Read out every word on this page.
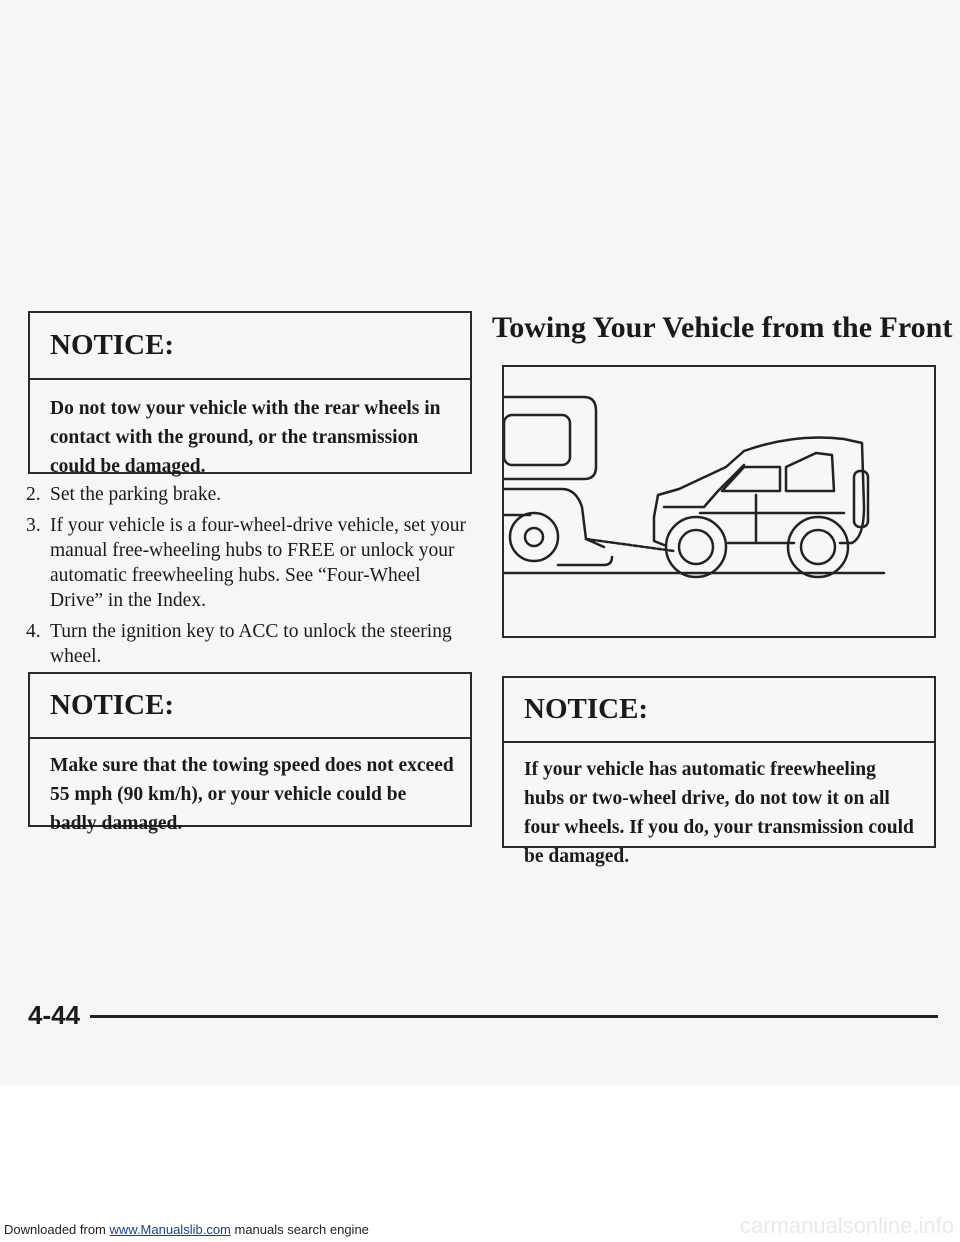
NOTICE:
Do not tow your vehicle with the rear wheels in contact with the ground, or the transmission could be damaged.
2. Set the parking brake.
3. If your vehicle is a four-wheel-drive vehicle, set your manual free-wheeling hubs to FREE or unlock your automatic freewheeling hubs. See “Four-Wheel Drive” in the Index.
4. Turn the ignition key to ACC to unlock the steering wheel.
NOTICE:
Make sure that the towing speed does not exceed 55 mph (90 km/h), or your vehicle could be badly damaged.
Towing Your Vehicle from the Front
NOTICE:
If your vehicle has automatic freewheeling hubs or two-wheel drive, do not tow it on all four wheels. If you do, your transmission could be damaged.
4-44
Downloaded from www.Manualslib.com manuals search engine	carmanualsonline.info
